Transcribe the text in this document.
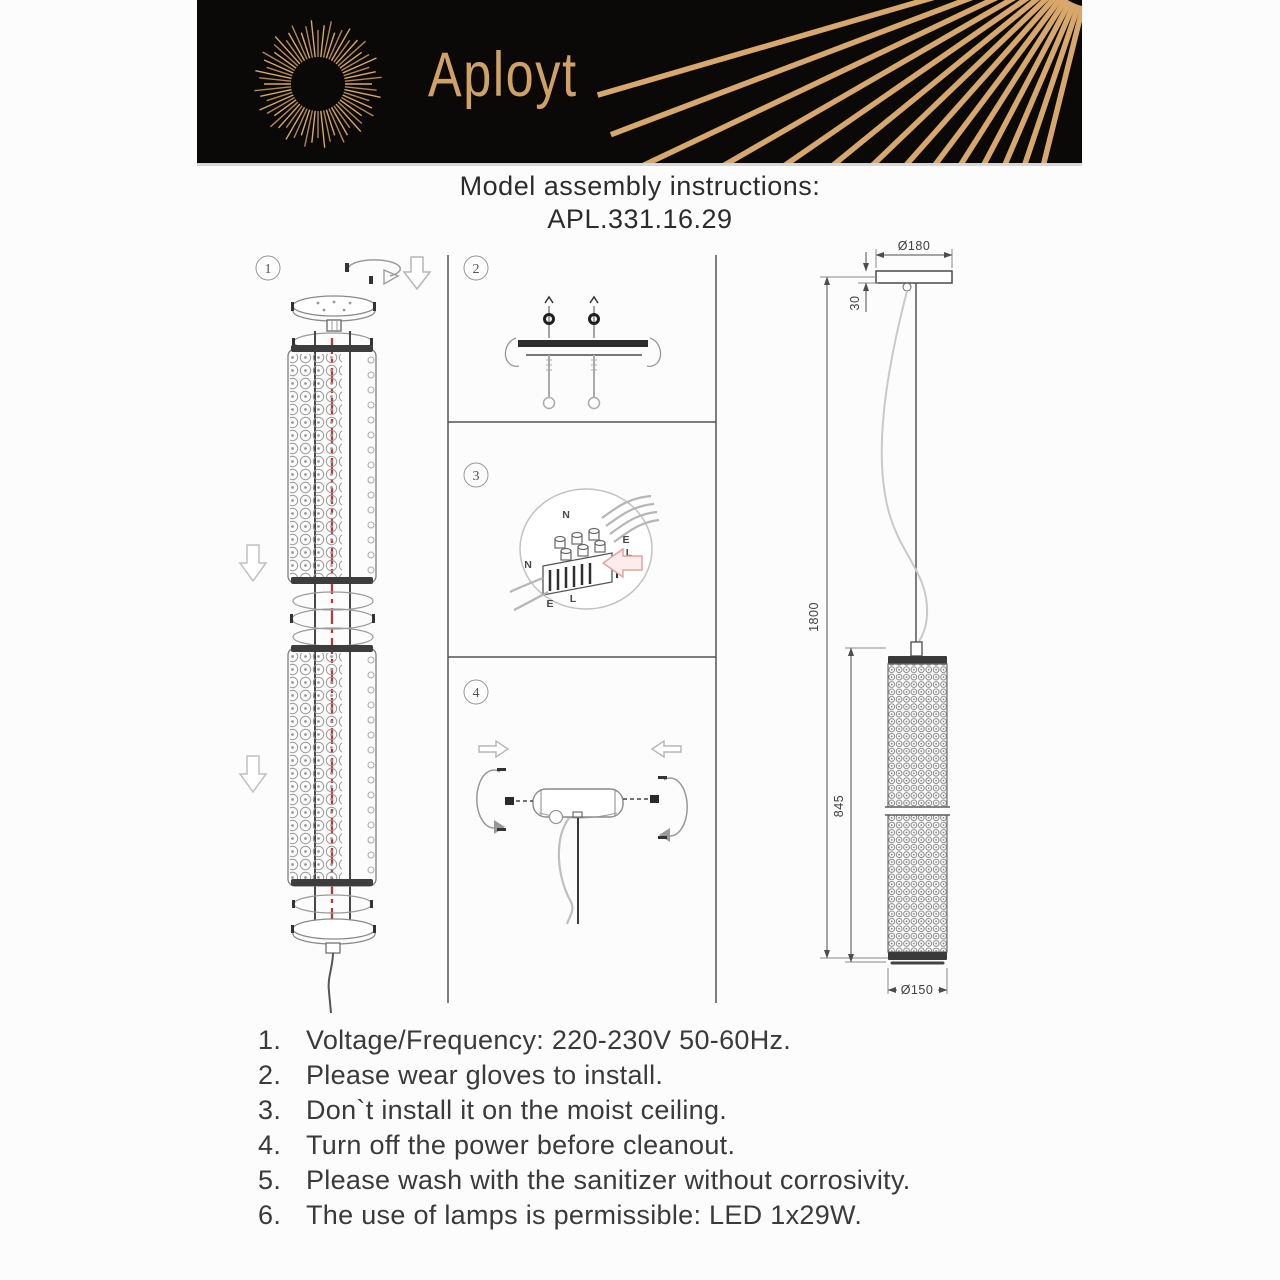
Aployt
Model assembly instructions:
APL.331.16.29
1	2
3
N
E
L
N
E L
4
Ø180
30
1800
845
Ø150
1. Voltage/Frequency: 220-230V 50-60Hz.
2. Please wear gloves to install.
3. Don`t install it on the moist ceiling.
4. Turn off the power before cleanout.
5. Please wash with the sanitizer without corrosivity.
6. The use of lamps is permissible: LED 1x29W.
